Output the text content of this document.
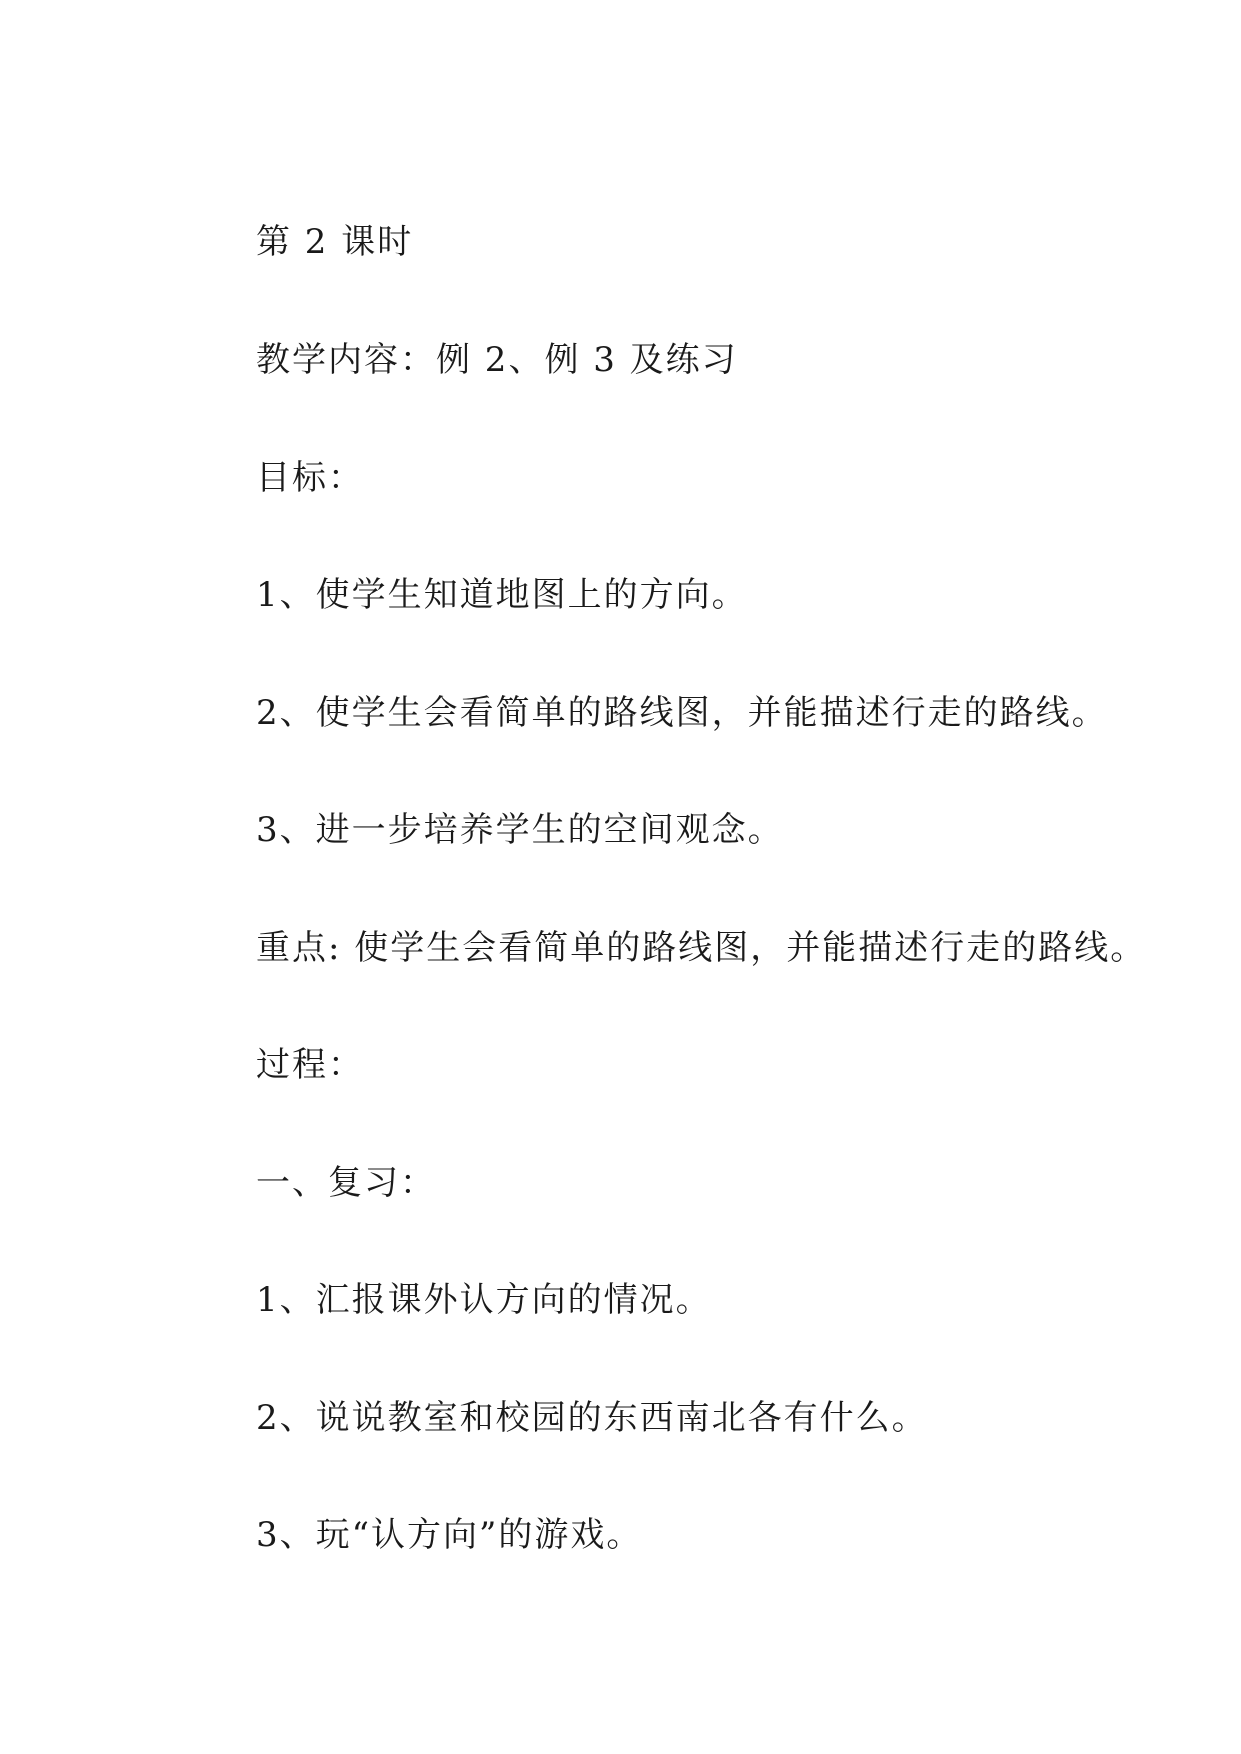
第 2 课时

教学内容：例 2、例 3 及练习

目标：

1、使学生知道地图上的方向。

2、使学生会看简单的路线图，并能描述行走的路线。

3、进一步培养学生的空间观念。

重点: 使学生会看简单的路线图，并能描述行走的路线。

过程：

一、复习：

1、汇报课外认方向的情况。

2、说说教室和校园的东西南北各有什么。

3、玩“认方向”的游戏。
